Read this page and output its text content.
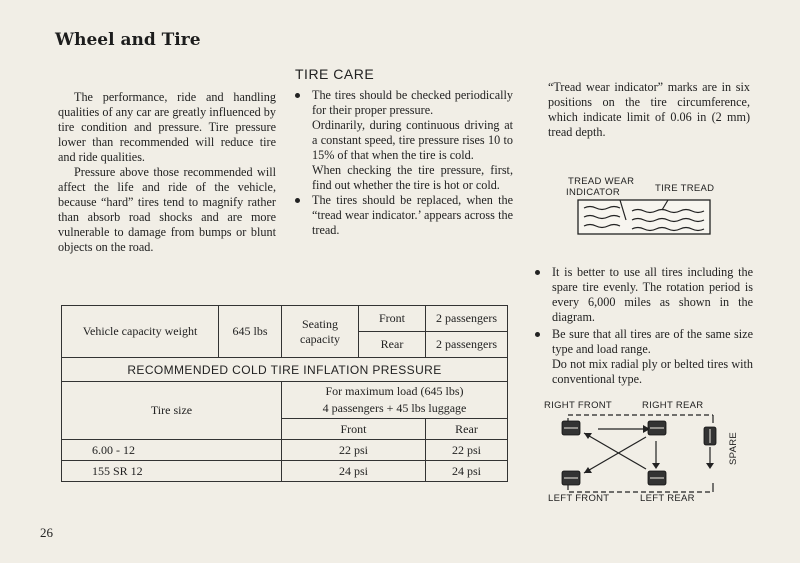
Wheel and Tire

The performance, ride and handling qualities of any car are greatly influenced by tire condition and pressure. Tire pressure lower than recommended will reduce tire and ride qualities.

Pressure above those recommended will affect the life and ride of the vehicle, because “hard” tires tend to magnify rather than absorb road shocks and are more vulnerable to damage from bumps or blunt objects on the road.

TIRE CARE

The tires should be checked periodically for their proper pressure.

Ordinarily, during continuous driving at a constant speed, tire pressure rises 10 to 15% of that when the tire is cold.

When checking the tire pressure, first, find out whether the tire is hot or cold.

The tires should be replaced, when the “tread wear indicator.’ appears across the tread.

“Tread wear indicator” marks are in six positions on the tire circumference, which indicate limit of 0.06 in (2 mm) tread depth.
TREAD WEAR
INDICATOR	TIRE TREAD

It is better to use all tires including the spare tire evenly. The rotation period is every 6,000 miles as shown in the diagram.

Be sure that all tires are of the same size type and load range.

Do not mix radial ply or belted tires with conventional type.

RIGHT FRONT	RIGHT REAR
LEFT FRONT	LEFT REAR
SPARE
Vehicle capacity weight	645 lbs	Seating capacity	Front	2 passengers
			Rear	2 passengers
RECOMMENDED COLD TIRE INFLATION PRESSURE				
Tire size		For maximum load (645 lbs)
4 passengers + 45 lbs luggage		

		Front		Rear
6.00 - 12		22 psi		22 psi
155 SR 12		24 psi		24 psi
26
